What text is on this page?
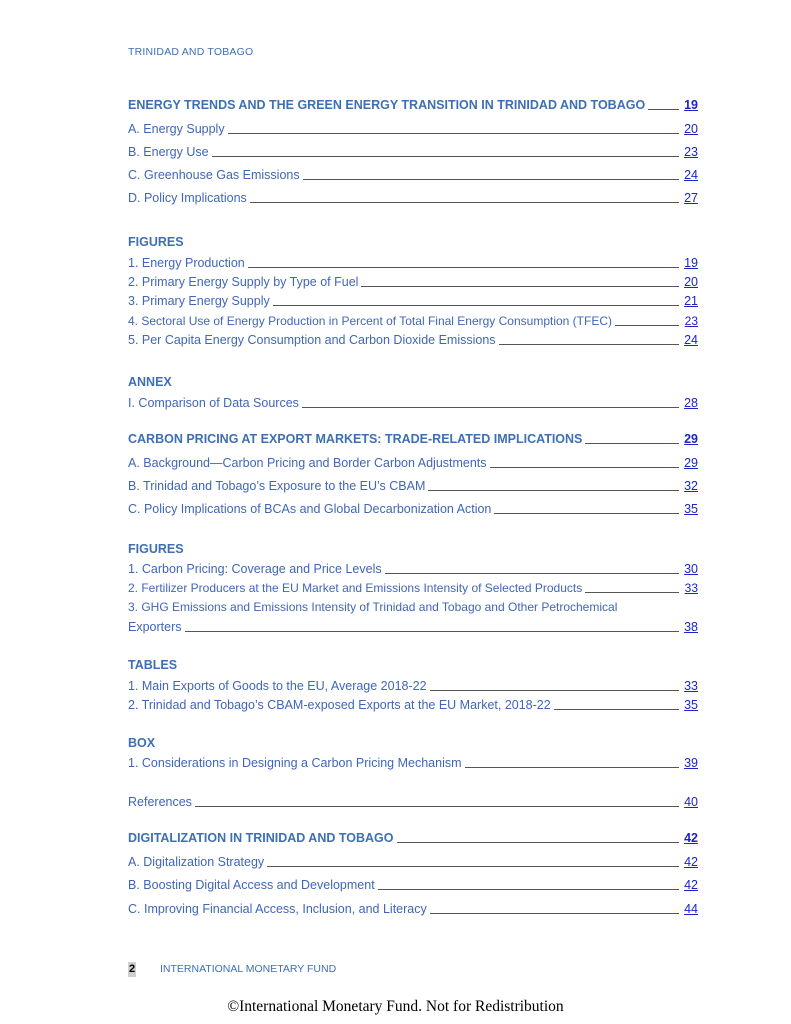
TRINIDAD AND TOBAGO
ENERGY TRENDS AND THE GREEN ENERGY TRANSITION IN TRINIDAD AND TOBAGO	19
A. Energy Supply	20
B. Energy Use	23
C. Greenhouse Gas Emissions	24
D. Policy Implications	27
FIGURES
1. Energy Production	19
2. Primary Energy Supply by Type of Fuel	20
3. Primary Energy Supply	21
4. Sectoral Use of Energy Production in Percent of Total Final Energy Consumption (TFEC)	23
5. Per Capita Energy Consumption and Carbon Dioxide Emissions	24
ANNEX
I. Comparison of Data Sources	28
CARBON PRICING AT EXPORT MARKETS: TRADE-RELATED IMPLICATIONS	29
A. Background—Carbon Pricing and Border Carbon Adjustments	29
B. Trinidad and Tobago’s Exposure to the EU’s CBAM	32
C. Policy Implications of BCAs and Global Decarbonization Action	35
FIGURES
1. Carbon Pricing: Coverage and Price Levels	30
2. Fertilizer Producers at the EU Market and Emissions Intensity of Selected Products	33
3. GHG Emissions and Emissions Intensity of Trinidad and Tobago and Other Petrochemical
Exporters	38
TABLES
1. Main Exports of Goods to the EU, Average 2018-22	33
2. Trinidad and Tobago’s CBAM-exposed Exports at the EU Market, 2018-22	35
BOX
1. Considerations in Designing a Carbon Pricing Mechanism	39
References	40
DIGITALIZATION IN TRINIDAD AND TOBAGO	42
A. Digitalization Strategy	42
B. Boosting Digital Access and Development	42
C. Improving Financial Access, Inclusion, and Literacy	44
2 INTERNATIONAL MONETARY FUND
©International Monetary Fund. Not for Redistribution
